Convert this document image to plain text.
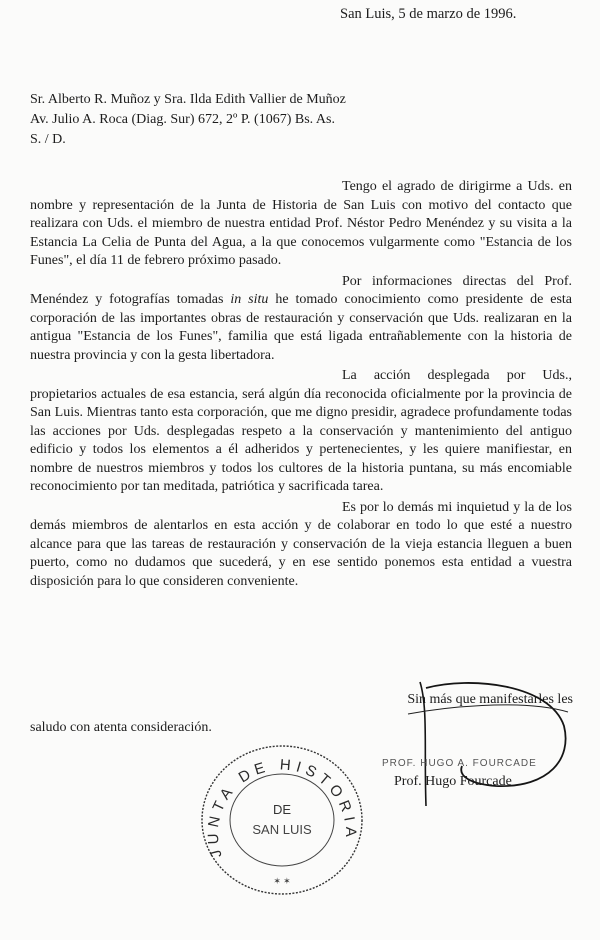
San Luis, 5 de marzo de 1996.
Sr. Alberto R. Muñoz y Sra. Ilda Edith Vallier de Muñoz
Av. Julio A. Roca (Diag. Sur) 672, 2º P. (1067) Bs. As.
S. / D.

Tengo el agrado de dirigirme a Uds. en nombre y representación de la Junta de Historia de San Luis con motivo del contacto que realizara con Uds. el miembro de nuestra entidad Prof. Néstor Pedro Menéndez y su visita a la Estancia La Celia de Punta del Agua, a la que conocemos vulgarmente como "Estancia de los Funes", el día 11 de febrero próximo pasado.

Por informaciones directas del Prof. Menéndez y fotografías tomadas in situ he tomado conocimiento como presidente de esta corporación de las importantes obras de restauración y conservación que Uds. realizaran en la antigua "Estancia de los Funes", familia que está ligada entrañablemente con la historia de nuestra provincia y con la gesta libertadora.

La acción desplegada por Uds., propietarios actuales de esa estancia, será algún día reconocida oficialmente por la provincia de San Luis. Mientras tanto esta corporación, que me digno presidir, agradece profundamente todas las acciones por Uds. desplegadas respeto a la conservación y mantenimiento del antiguo edificio y todos los elementos a él adheridos y pertenecientes, y les quiere manifiestar, en nombre de nuestros miembros y todos los cultores de la historia puntana, su más encomiable reconocimiento por tan meditada, patriótica y sacrificada tarea.

Es por lo demás mi inquietud y la de los demás miembros de alentarlos en esta acción y de colaborar en todo lo que esté a nuestro alcance para que las tareas de restauración y conservación de la vieja estancia lleguen a buen puerto, como no dudamos que sucederá, y en ese sentido ponemos esta entidad a vuestra disposición para lo que consideren conveniente.

Sin más que manifestarles les
saludo con atenta consideración.
JUNTA DE HISTORIA
DE
SAN LUIS
✶ ✶
PROF. HUGO A. FOURCADE
Prof. Hugo Fourcade
